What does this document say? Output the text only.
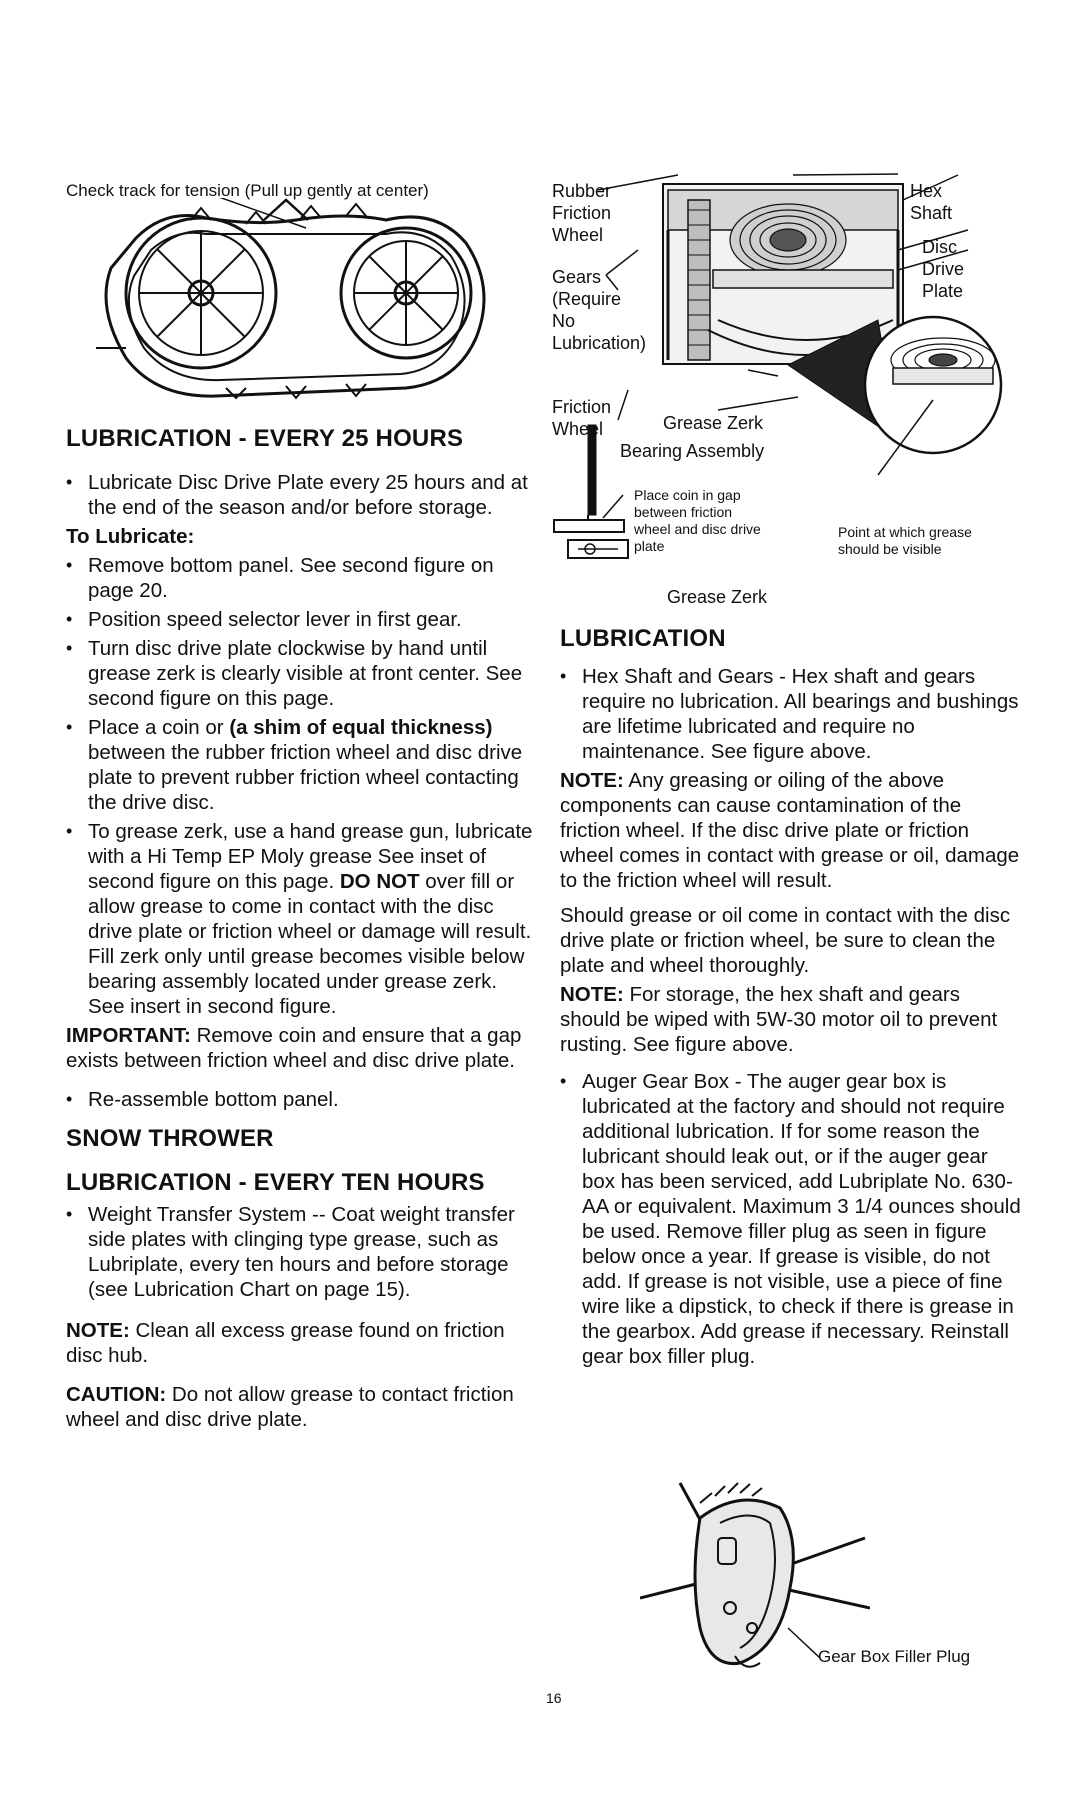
Check track for tension (Pull up gently at center)

LUBRICATION - EVERY 25 HOURS

• Lubricate Disc Drive Plate every 25 hours and at the end of the season and/or before storage.

To Lubricate:

• Remove bottom panel. See second figure on page 20.
• Position speed selector lever in first gear.
• Turn disc drive plate clockwise by hand until grease zerk is clearly visible at front center. See second figure on this page.
• Place a coin or (a shim of equal thickness) between the rubber friction wheel and disc drive plate to prevent rubber friction wheel contacting the drive disc.
• To grease zerk, use a hand grease gun, lubricate with a Hi Temp EP Moly grease See inset of second figure on this page. DO NOT over fill or allow grease to come in contact with the disc drive plate or friction wheel or damage will result. Fill zerk only until grease becomes visible below bearing assembly located under grease zerk. See insert in second figure.

IMPORTANT: Remove coin and ensure that a gap exists between friction wheel and disc drive plate.

• Re-assemble bottom panel.

SNOW THROWER

LUBRICATION - EVERY TEN HOURS

• Weight Transfer System -- Coat weight transfer side plates with clinging type grease, such as Lubriplate, every ten hours and before storage (see Lubrication Chart on page 15).

NOTE: Clean all excess grease found on friction disc hub.

CAUTION: Do not allow grease to contact friction wheel and disc drive plate.

Rubber
Friction
Wheel
Gears
(Require
No
Lubrication)
Hex
Shaft
Disc
Drive
Plate
Friction
Wheel	Grease Zerk
Bearing Assembly
Place coin in gap
between friction
wheel and disc drive
plate
Point at which grease
should be visible
Grease Zerk

LUBRICATION

• Hex Shaft and Gears - Hex shaft and gears require no lubrication. All bearings and bushings are lifetime lubricated and require no maintenance. See figure above.

NOTE: Any greasing or oiling of the above components can cause contamination of the friction wheel. If the disc drive plate or friction wheel comes in contact with grease or oil, damage to the friction wheel will result.

Should grease or oil come in contact with the disc drive plate or friction wheel, be sure to clean the plate and wheel thoroughly.

NOTE: For storage, the hex shaft and gears should be wiped with 5W-30 motor oil to prevent rusting. See figure above.

• Auger Gear Box - The auger gear box is lubricated at the factory and should not require additional lubrication. If for some reason the lubricant should leak out, or if the auger gear box has been serviced, add Lubriplate No. 630-AA or equivalent. Maximum 3 1/4 ounces should be used. Remove filler plug as seen in figure below once a year. If grease is visible, do not add. If grease is not visible, use a piece of fine wire like a dipstick, to check if there is grease in the gearbox. Add grease if necessary. Reinstall gear box filler plug.
Gear Box Filler Plug
16
